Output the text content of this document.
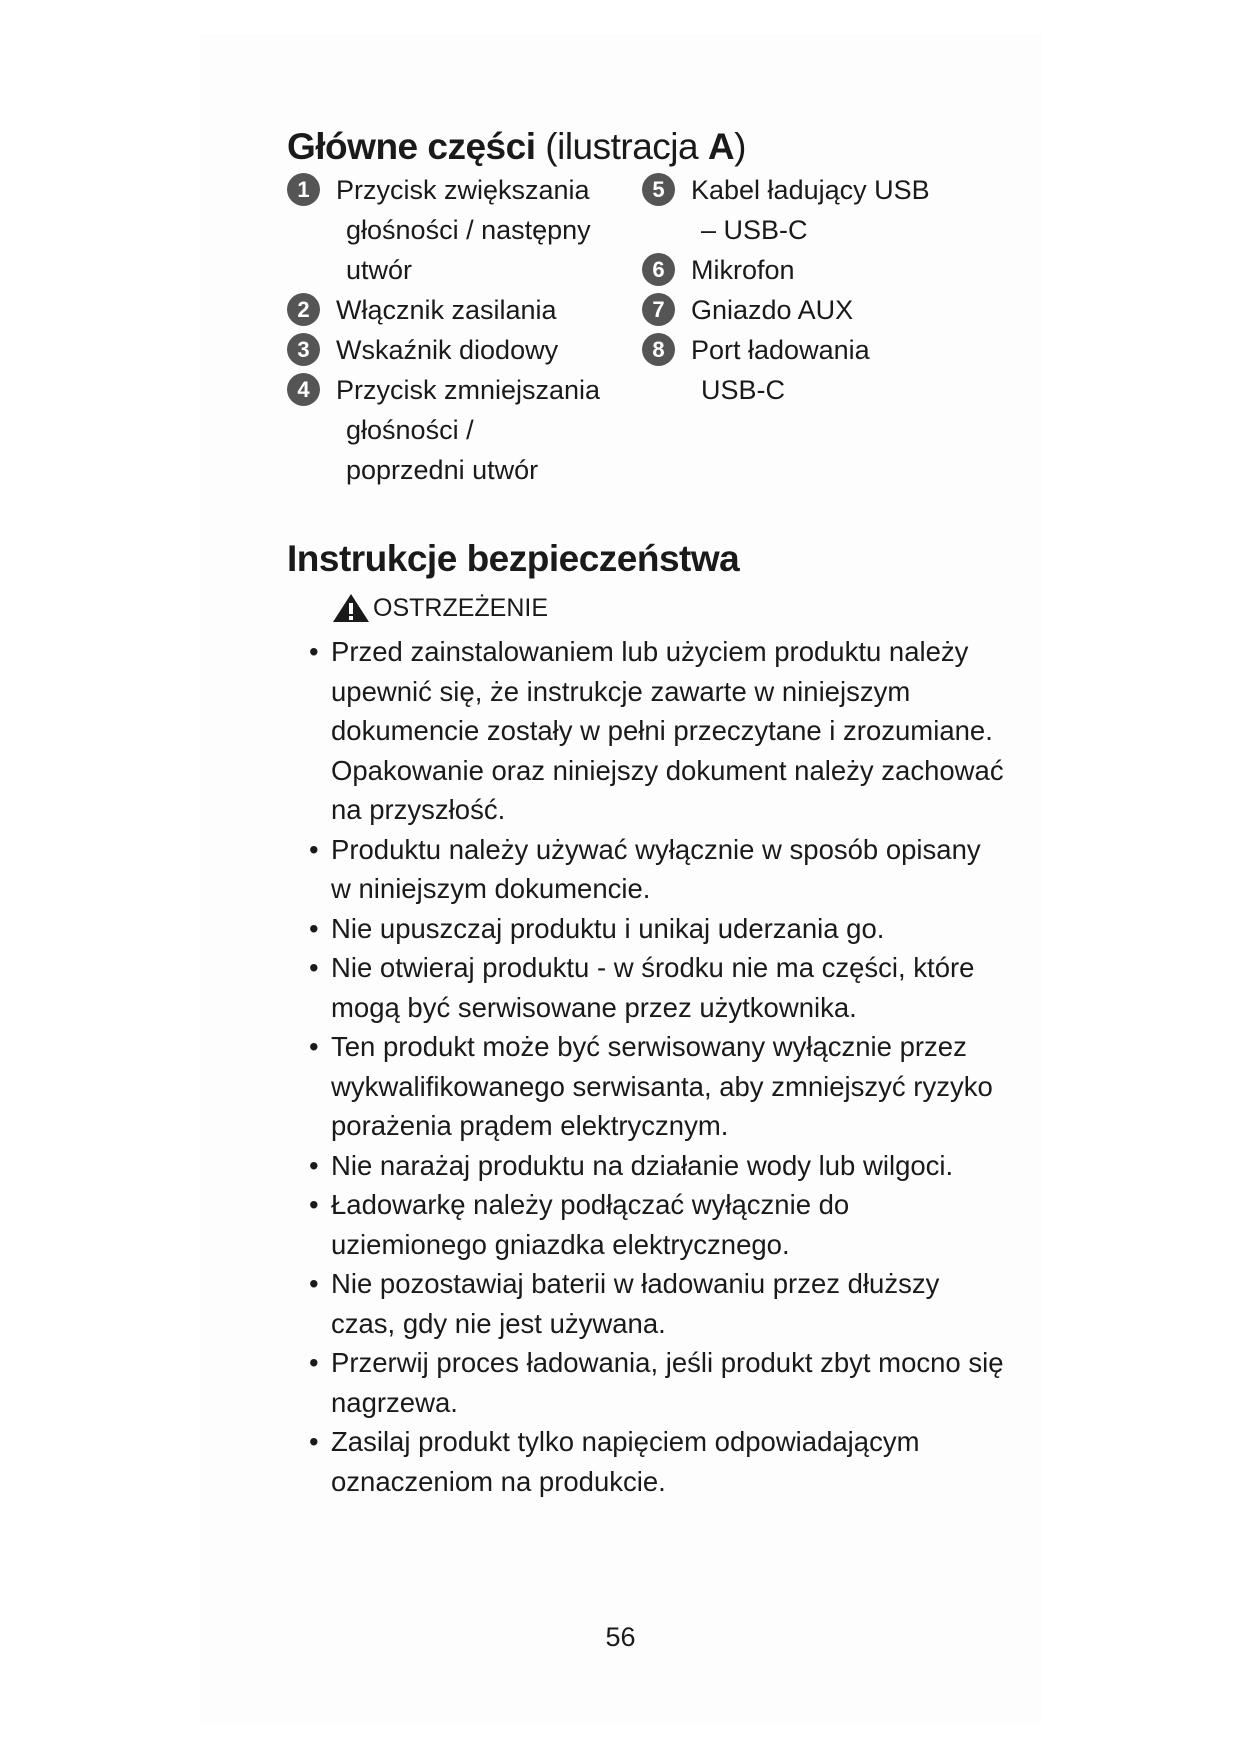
Główne części (ilustracja A)
1 Przycisk zwiększania

głośności / następny
utwór
2 Włącznik zasilania
3 Wskaźnik diodowy
4 Przycisk zmniejszania

głośności /
poprzedni utwór
5 Kabel ładujący USB

– USB-C
6 Mikrofon
7 Gniazdo AUX
8 Port ładowania

USB-C
Instrukcje bezpieczeństwa
OSTRZEŻENIE
• Przed zainstalowaniem lub użyciem produktu należy upewnić się, że instrukcje zawarte w niniejszym dokumencie zostały w pełni przeczytane i zrozumiane. Opakowanie oraz niniejszy dokument należy zachować na przyszłość.
• Produktu należy używać wyłącznie w sposób opisany w niniejszym dokumencie.
• Nie upuszczaj produktu i unikaj uderzania go.
• Nie otwieraj produktu - w środku nie ma części, które mogą być serwisowane przez użytkownika.
• Ten produkt może być serwisowany wyłącznie przez wykwalifikowanego serwisanta, aby zmniejszyć ryzyko porażenia prądem elektrycznym.
• Nie narażaj produktu na działanie wody lub wilgoci.
• Ładowarkę należy podłączać wyłącznie do uziemionego gniazdka elektrycznego.
• Nie pozostawiaj baterii w ładowaniu przez dłuższy czas, gdy nie jest używana.
• Przerwij proces ładowania, jeśli produkt zbyt mocno się nagrzewa.
• Zasilaj produkt tylko napięciem odpowiadającym oznaczeniom na produkcie.
56
